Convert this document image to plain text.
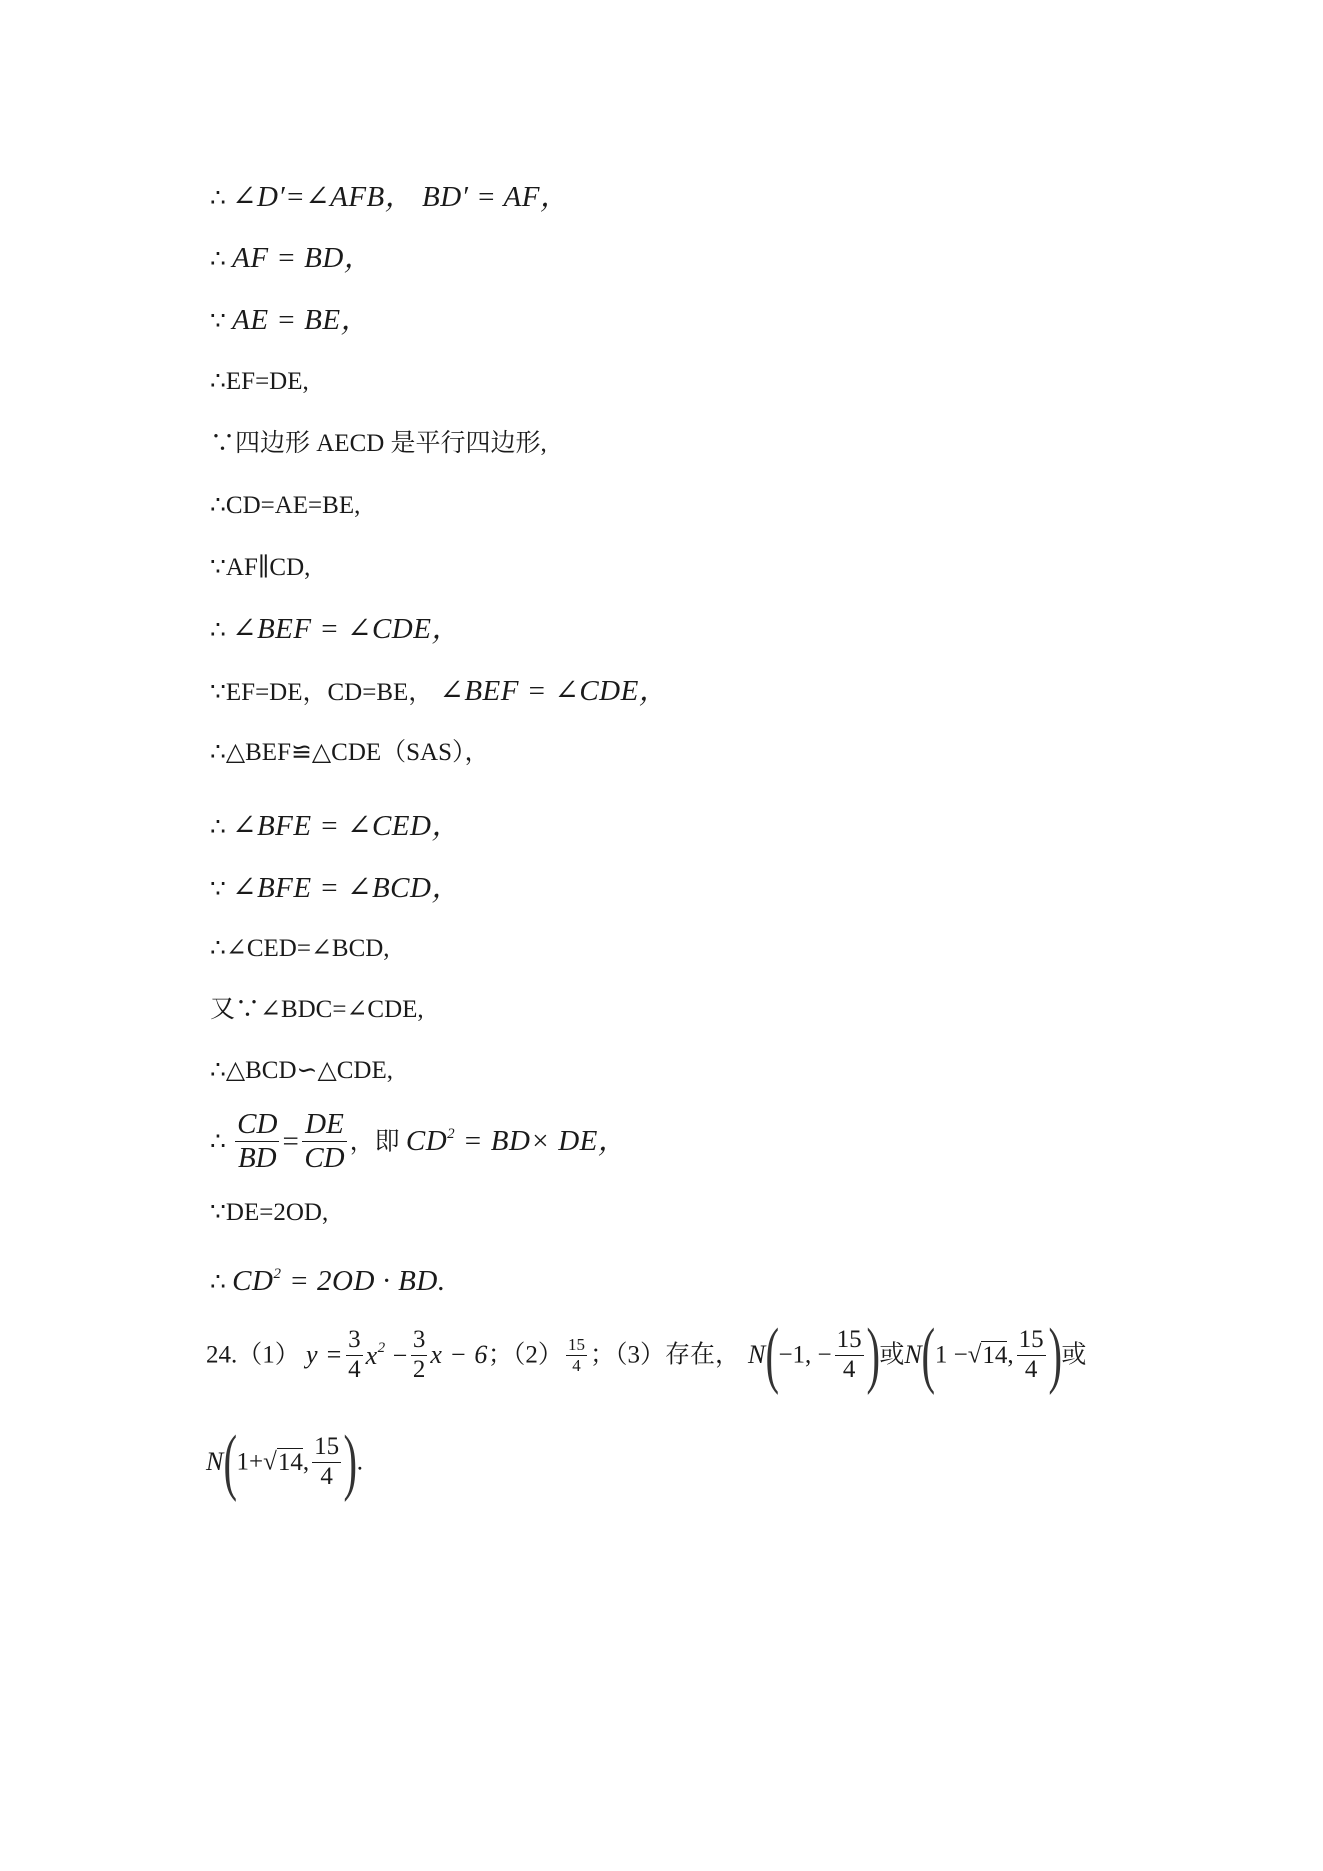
∴ ∠D′=∠AFB， BD′ = AF，
∴ AF = BD，
∵ AE = BE，
∴EF=DE,
∵四边形 AECD 是平行四边形,
∴CD=AE=BE,
∵AF∥CD,
∴ ∠BEF = ∠CDE，
∵EF=DE，CD=BE， ∠BEF = ∠CDE，
∴△BEF≌△CDE（SAS），
∴ ∠BFE = ∠CED，
∵ ∠BFE = ∠BCD，
∴∠CED=∠BCD,
又∵∠BDC=∠CDE,
∴△BCD∽△CDE,
∴ $\frac{CD}{BD} = \frac{DE}{CD}$ ，即 $CD^2 = BD\times$ DE，
∵DE=2OD,
∴ $CD^2 = 2OD$ · BD.
24.（1） $y = \frac{3}{4} x^2 - \frac{3}{2}$ x − 6；$(2) \frac{15}{4}$ ；（3）存在， N(−1, − $\frac{15}{4}$ )或N(1 −√14, $\frac{15}{4}$ )或
N(1+√14, $\frac{15}{4}$ ).
